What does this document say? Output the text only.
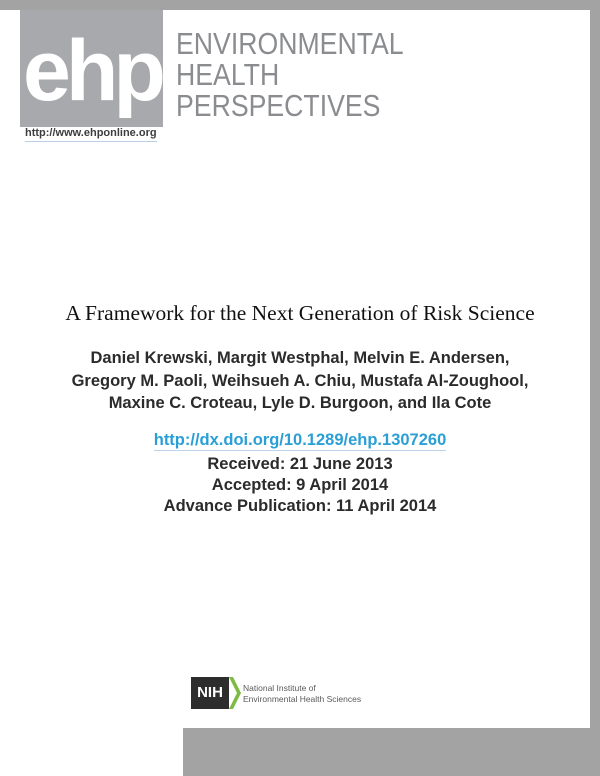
ehp ENVIRONMENTAL
HEALTH
PERSPECTIVES
http://www.ehponline.org
A Framework for the Next Generation of Risk Science
Daniel Krewski, Margit Westphal, Melvin E. Andersen,
Gregory M. Paoli, Weihsueh A. Chiu, Mustafa Al-Zoughool,
Maxine C. Croteau, Lyle D. Burgoon, and Ila Cote
http://dx.doi.org/10.1289/ehp.1307260
Received: 21 June 2013
Accepted: 9 April 2014
Advance Publication: 11 April 2014
NIH	National Institute of
Environmental Health Sciences
